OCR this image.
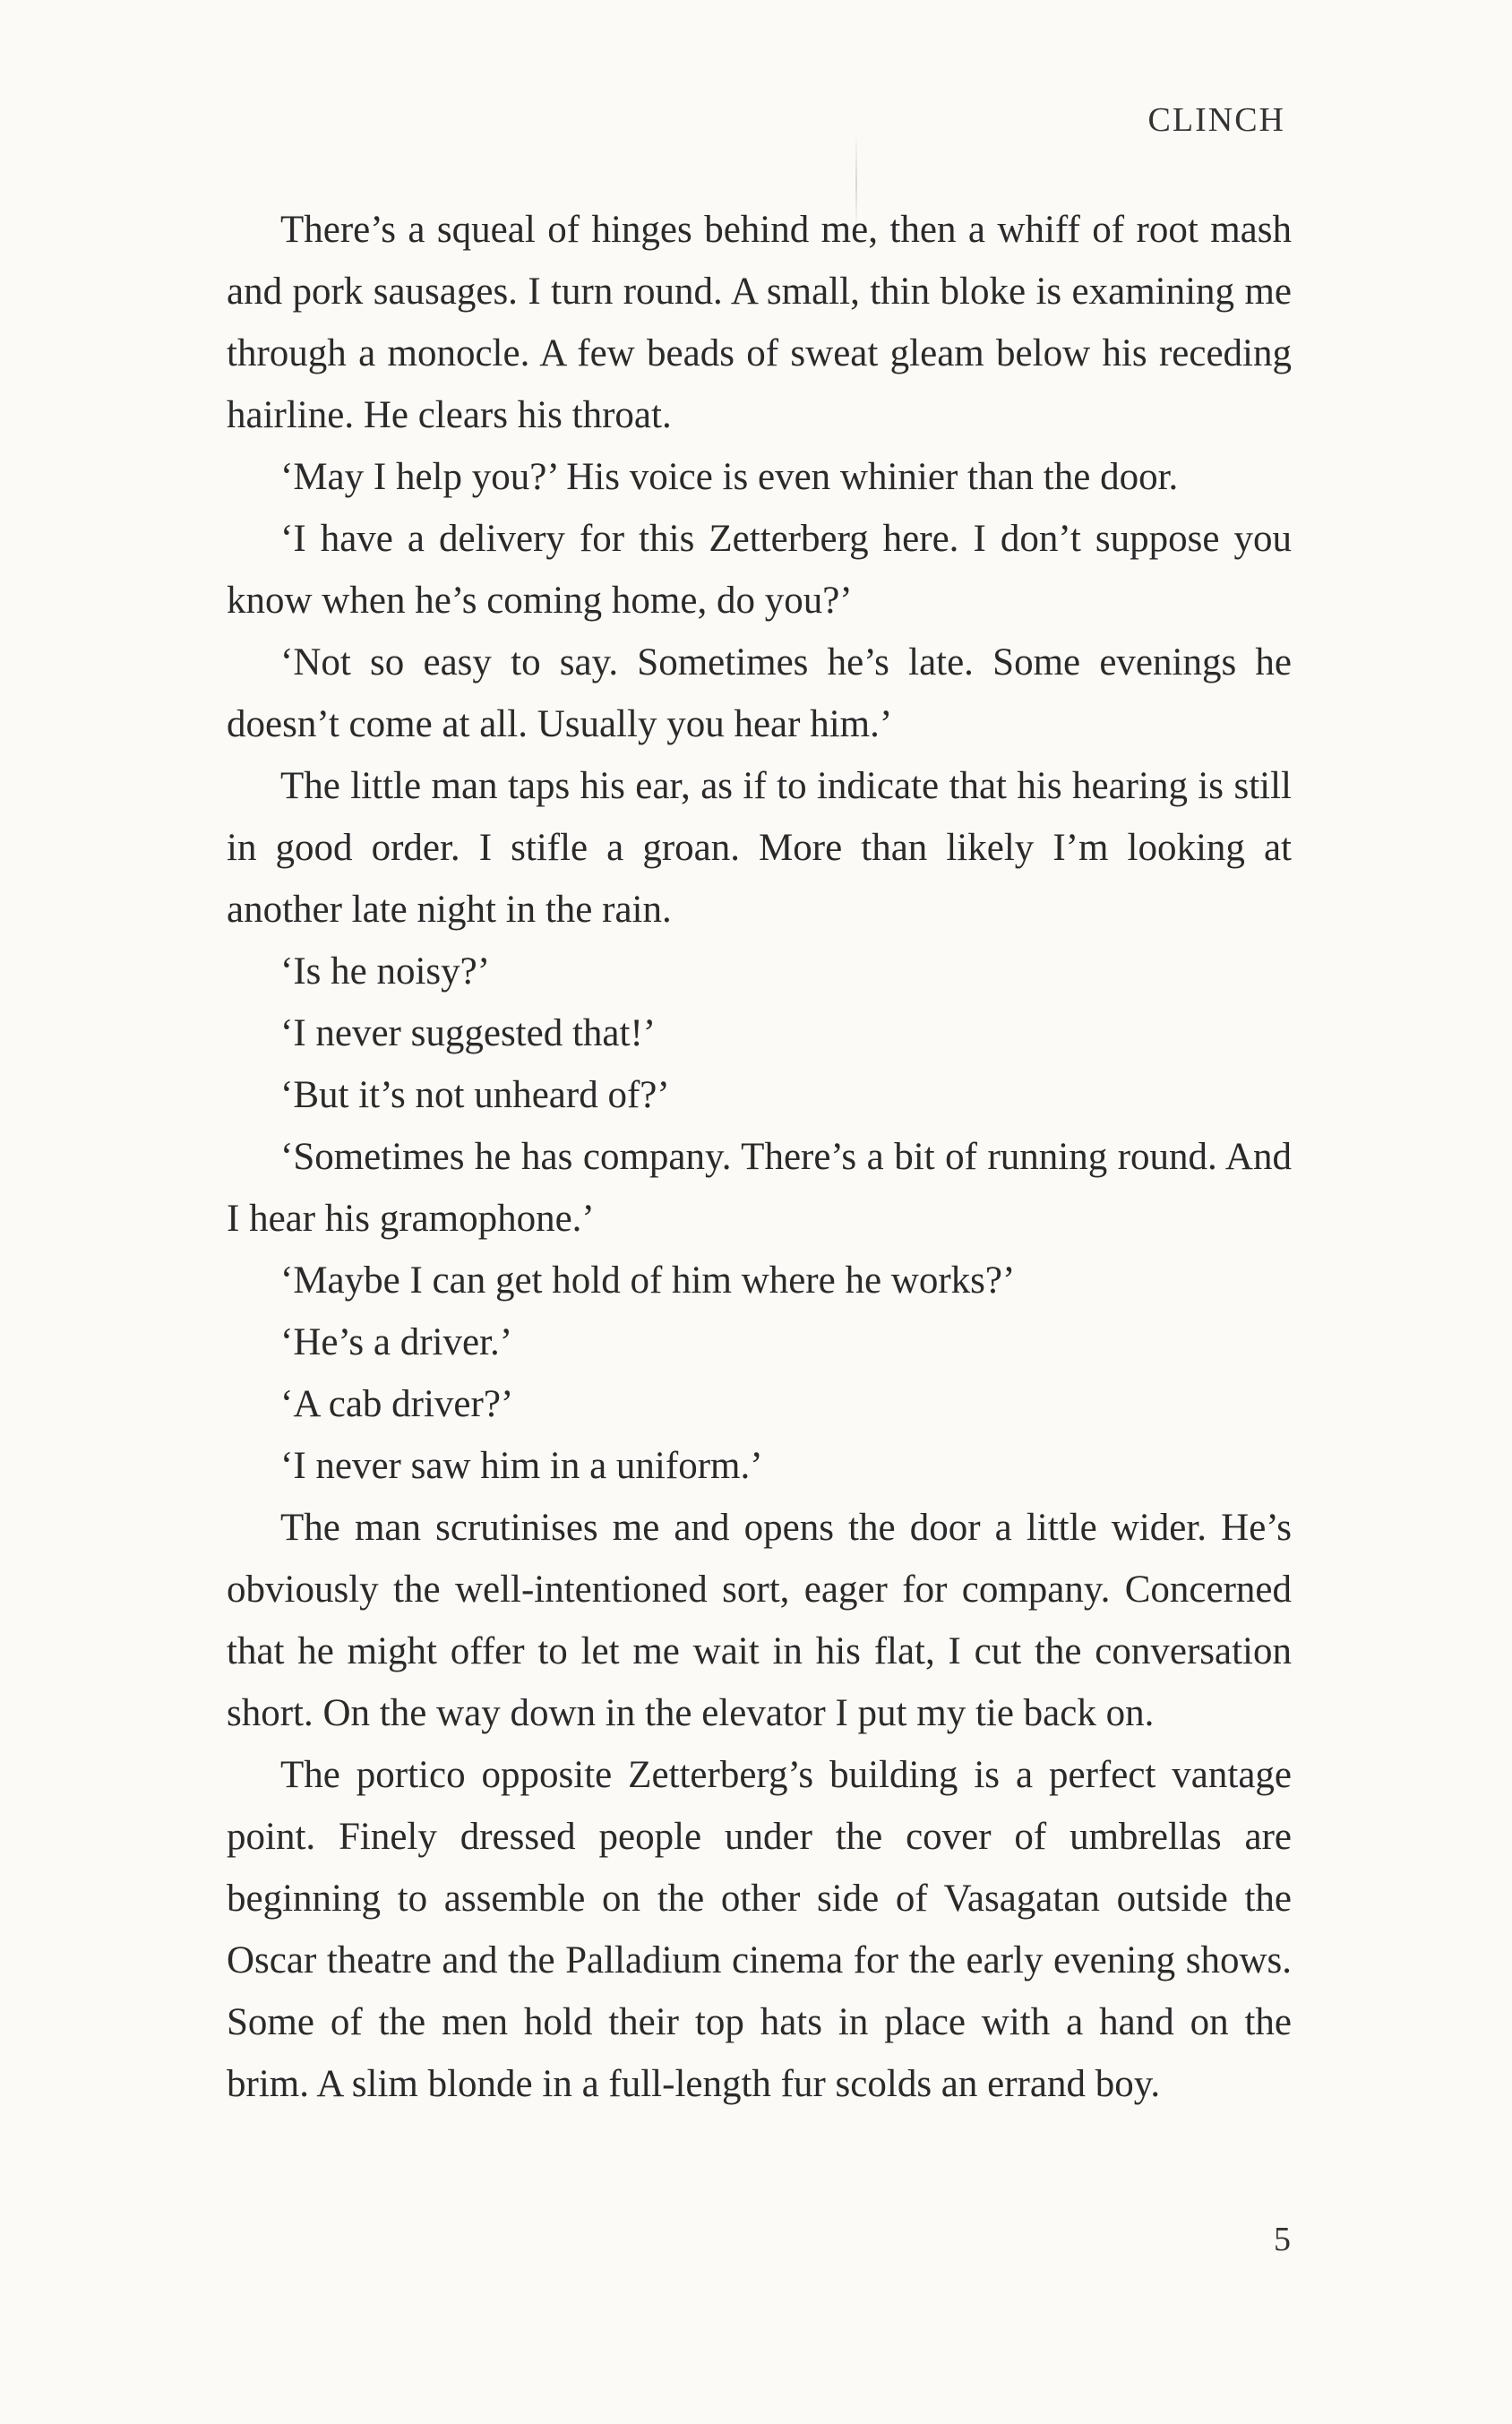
CLINCH

There’s a squeal of hinges behind me, then a whiff of root mash and pork sausages. I turn round. A small, thin bloke is examining me through a monocle. A few beads of sweat gleam below his receding hairline. He clears his throat.

‘May I help you?’ His voice is even whinier than the door.

‘I have a delivery for this Zetterberg here. I don’t suppose you know when he’s coming home, do you?’

‘Not so easy to say. Sometimes he’s late. Some evenings he doesn’t come at all. Usually you hear him.’

The little man taps his ear, as if to indicate that his hearing is still in good order. I stifle a groan. More than likely I’m looking at another late night in the rain.

‘Is he noisy?’

‘I never suggested that!’

‘But it’s not unheard of?’

‘Sometimes he has company. There’s a bit of running round. And I hear his gramophone.’

‘Maybe I can get hold of him where he works?’

‘He’s a driver.’

‘A cab driver?’

‘I never saw him in a uniform.’

The man scrutinises me and opens the door a little wider. He’s obviously the well-intentioned sort, eager for company. Concerned that he might offer to let me wait in his flat, I cut the conversation short. On the way down in the elevator I put my tie back on.

The portico opposite Zetterberg’s building is a perfect vantage point. Finely dressed people under the cover of umbrellas are beginning to assemble on the other side of Vasagatan outside the Oscar theatre and the Palladium cinema for the early evening shows. Some of the men hold their top hats in place with a hand on the brim. A slim blonde in a full-length fur scolds an errand boy.

5
